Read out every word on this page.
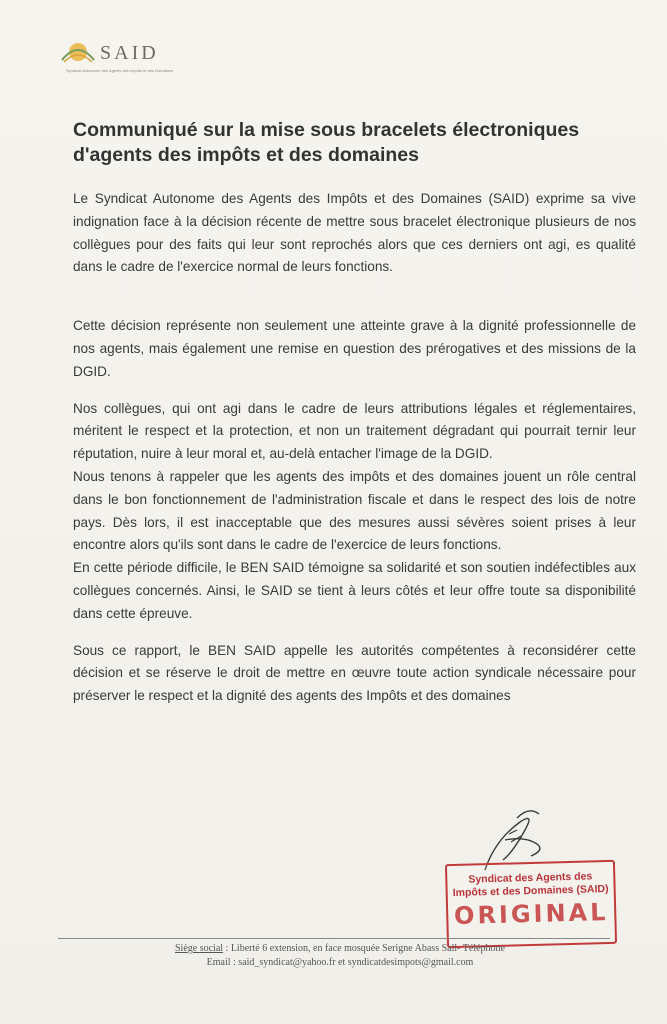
SAID
Syndicat Autonome des Agents des Impôts et des Domaines
Communiqué sur la mise sous bracelets électroniques
d'agents des impôts et des domaines

Le Syndicat Autonome des Agents des Impôts et des Domaines (SAID) exprime sa vive indignation face à la décision récente de mettre sous bracelet électronique plusieurs de nos collègues pour des faits qui leur sont reprochés alors que ces derniers ont agi, es qualité dans le cadre de l'exercice normal de leurs fonctions.

Cette décision représente non seulement une atteinte grave à la dignité professionnelle de nos agents, mais également une remise en question des prérogatives et des missions de la DGID.

Nos collègues, qui ont agi dans le cadre de leurs attributions légales et réglementaires, méritent le respect et la protection, et non un traitement dégradant qui pourrait ternir leur réputation, nuire à leur moral et, au-delà entacher l'image de la DGID.

Nous tenons à rappeler que les agents des impôts et des domaines jouent un rôle central dans le bon fonctionnement de l'administration fiscale et dans le respect des lois de notre pays. Dès lors, il est inacceptable que des mesures aussi sévères soient prises à leur encontre alors qu'ils sont dans le cadre de l'exercice de leurs fonctions.

En cette période difficile, le BEN SAID témoigne sa solidarité et son soutien indéfectibles aux collègues concernés. Ainsi, le SAID se tient à leurs côtés et leur offre toute sa disponibilité dans cette épreuve.

Sous ce rapport, le BEN SAID appelle les autorités compétentes à reconsidérer cette décision et se réserve le droit de mettre en œuvre toute action syndicale nécessaire pour préserver le respect et la dignité des agents des Impôts et des domaines

Syndicat des Agents des
Impôts et des Domaines (SAID)
ORIGINAL
Siège social : Liberté 6 extension, en face mosquée Serigne Abass Sall- Téléphone
Email : said_syndicat@yahoo.fr et syndicatdesimpots@gmail.com
